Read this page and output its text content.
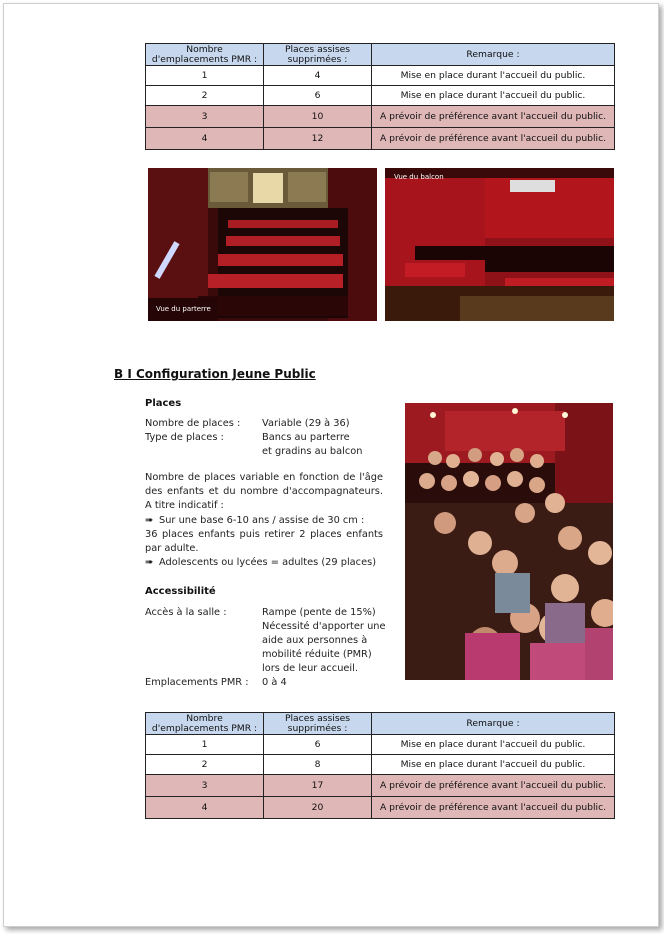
Nombre d'emplacements PMR :	Places assises supprimées :	Remarque :
1	4	Mise en place durant l'accueil du public.
2	6	Mise en place durant l'accueil du public.
3	10	A prévoir de préférence avant l'accueil du public.
4	12	A prévoir de préférence avant l'accueil du public.
Vue du parterre
Vue du balcon
B I Configuration Jeune Public
Places
Nombre de places : Variable (29 à 36)
Type de places :	Bancs au parterre
et gradins au balcon
Nombre de places variable en fonction de l'âge des enfants et du nombre d'accompagnateurs. A titre indicatif :
➠ Sur une base 6-10 ans / assise de 30 cm :
36 places enfants puis retirer 2 places enfants par adulte.
➠ Adolescents ou lycées = adultes (29 places)
Accessibilité
Accès à la salle :	Rampe (pente de 15%)
Nécessité d'apporter une aide aux personnes à mobilité réduite (PMR) lors de leur accueil.
Emplacements PMR : 0 à 4
Nombre d'emplacements PMR :	Places assises supprimées :	Remarque :
1	6	Mise en place durant l'accueil du public.
2	8	Mise en place durant l'accueil du public.
3	17	A prévoir de préférence avant l'accueil du public.
4	20	A prévoir de préférence avant l'accueil du public.
